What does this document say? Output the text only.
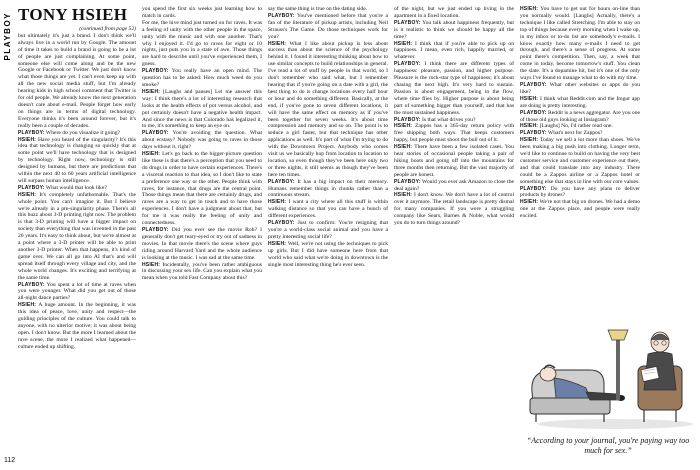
PLAYBOY
112
TONY HSIEH

(continued from page 52)

but ultimately it's just a brand. I don't think we'll always live in a world run by Google. The amount of time it takes to build a brand is going to be a lot of people are just complaining. At some point, someone else will come along and be the new Google or Facebook or Twitter. We just don't know what those things are yet. I can't even keep up with all the new social media stuff, but I'm already hearing kids in high school comment that Twitter is for old people. We already know the next generation doesn't care about e-mail. People forget how early on things are in terms of digital technology. Everyone thinks it's been around forever, but it's really been a couple of decades.

PLAYBOY: Where do you visualize it going?

HSIEH: Have you heard of the singularity? It's this idea that technology is changing so quickly that at some point we'll have technology that is designed by technology. Right now, technology is still designed by humans, but there are predictions that within the next 40 to 60 years artificial intelligence will surpass human intelligence.

PLAYBOY: What would that look like?

HSIEH: It's completely unfathomable. That's the whole point. You can't imagine it. But I believe we're already in a pre-singularity phase. There's all this buzz about 3-D printing right now. The problem is that 3-D printing will have a bigger impact on society than everything that was invented in the past 20 years. It's easy to think about, but we're almost at a point where a 3-D printer will be able to print another 3-D printer. When that happens, it's kind of game over. We can all go into AI that's and will spread itself through every village and city, and the whole world changes. It's exciting and terrifying at the same time.

PLAYBOY: You spent a lot of time at raves when you were younger. What did you get out of those all-night dance parties?

HSIEH: A huge amount. In the beginning, it was this idea of peace, love, unity and respect—the guiding principles of the culture. You could talk to anyone, with no ulterior motive; it was about being open. I don't know. But the more I learned about the rave scene, the more I realized what happened—culture ended up shifting.

you spend the first six weeks just learning how to match in cards.

For me, the hive mind just turned on for raves. It was a feeling of unity with the other people in the space, unity with the music and with one another. That's why I enjoyed it. I'd go to raves for eight or 10 nights, just puts you in a state of awe. Those things are hard to describe until you've experienced them, I guess.

PLAYBOY: You really have an open mind. The question has to be asked: How much weed do you smoke?

HSIEH: [Laughs and pauses] Let me answer this way: I think there's a lot of interesting research that looks at the health effects of pot versus alcohol, and pot certainly doesn't have a negative health impact. And since the news is that Colorado has legalized it, to me, it's something to keep an eye on.

PLAYBOY: You're avoiding the question. What about ecstasy? Nobody was going to raves in those days without it, right?

HSIEH: Let's go back to the bigger-picture question like these is that there's a perception that you need to do drugs in order to have certain experiences. There's a visceral reaction to that idea, so I don't like to state a preference one way or the other. People think with raves, for instance, that drugs are the central point. Those things mean that there are certainly drugs, and raves are a way to get in touch and to have those experiences. I don't have a judgment about that, but for me it was really the feeling of unity and connectedness.

PLAYBOY: Did you ever see the movie Rob? I generally don't get teary-eyed or try out of sadness in movies. In that movie there's the scene where guys riding around Harvard Yard and the whole audience is looking at the music. I was sad at the same time.

HSIEH: Incidentally, you've been rather ambiguous in discussing your sex life. Can you explain what you mean when you told Fast Company about this?

say the same thing is true on the dating side.

PLAYBOY: You've mentioned before that you're a fan of the literature of pickup artists, including Neil Strauss's The Game. Do those techniques work for you?

HSIEH: What I like about pickup is less about success than about the science of the psychology behind it. I found it interesting thinking about how to use similar concepts to build relationships in general. I've read a lot of stuff by people in that world, so I don't remember who said what, but I remember hearing that if you're going on a date with a girl, the best thing to do is change locations every half hour or hour and do something different. Basically, at the end, if you've gone to seven different locations, it will have the same effect on memory as if you've been together for seven weeks. It's about time compression and memory and so on. The point is to seduce a girl faster, but that technique has other applications as well. It's part of what I'm trying to do with the Downtown Project. Anybody who comes visit us we basically hop from location to location to location, so even though they've been here only two or three nights, it still seems as though they've been here ten times.

PLAYBOY: It has a big impact on their memory. Humans remember things in chunks rather than a continuous stream.

HSIEH: I want a city where all this stuff is within walking distance so that you can have a bunch of different experiences.

PLAYBOY: Just to confirm: You're resigning that you're a world-class social animal and you have a pretty interesting social life?

HSIEH: Well, we're not using the techniques to pick up girls. But I did have someone here from that world who said what we're doing in downtown is the single most interesting thing he's ever seen.

of the night, but we just ended up living in the apartment in a fixed location.

PLAYBOY: You talk about happiness frequently, but is it realistic to think we should be happy all the time?

HSIEH: I think that if you're able to pick up on happiness. I mean, even rich, happily married, or whatever.

PLAYBOY: I think there are different types of happiness: pleasure, passion, and higher purpose. Pleasure is the rock-star type of happiness; it's about chasing the next high. It's very hard to sustain. Passion is about engagement, being in the flow, where time flies by. Higher purpose is about being part of something bigger than yourself, and that has the most sustained happiness.

PLAYBOY: Is that what drives you?

HSIEH: Zappos has a 365-day return policy with free shipping both ways. That keeps customers happy, but people must shoot the bull out of it.

HSIEH: There have been a few isolated cases. You hear stories of occasional people taking a pair of hiking boots and going off into the mountains for three months then returning. But the vast majority of people are honest.

PLAYBOY: Would you ever ask Amazon to close the deal again?

HSIEH: I don't know. We don't have a lot of control over it anymore. The retail landscape is pretty dismal for many companies. If you were a struggling company like Sears, Barnes & Noble, what would you do to turn things around?

HSIEH: You have to get out for hours on-line than you normally would. [Laughs] Actually, there's a technique I like called Stretching. I'm able to stay on top of things because every morning when I wake up, in my inbox or to-do list are somebody's e-mails. I know exactly how many e-mails I need to get through, and there's a sense of progress. At some point there's competition. Then, say, a week that come in today, become tomorrow's stuff. You clean the slate. It's a dopamine hit, but it's one of the only ways I've found to manage what to do with my time.

PLAYBOY: What other websites or apps do you like?

HSIEH: I think what Reddit.com and the Imgur app are doing is pretty interesting.

PLAYBOY: Reddit is a news aggregator. Are you one of those old guys looking at Instagram?

HSIEH: [Laughs] No, I'd rather read one.

PLAYBOY: What's next for Zappos?

HSIEH: Today we sell a lot more than shoes. We've been making a big push into clothing. Longer term, we'd like to continue to build on having the very best customer service and customer experience out there, and that could translate into any industry. There could be a Zappos airline or a Zappos hotel or something else that stays in line with our core values.

PLAYBOY: Do you have any plans to deliver products by drones?

HSIEH: We're not that big on drones. We had a demo one at the Zappos place, and people were really excited.

“According to your journal, you're paying way too much for sex.”
